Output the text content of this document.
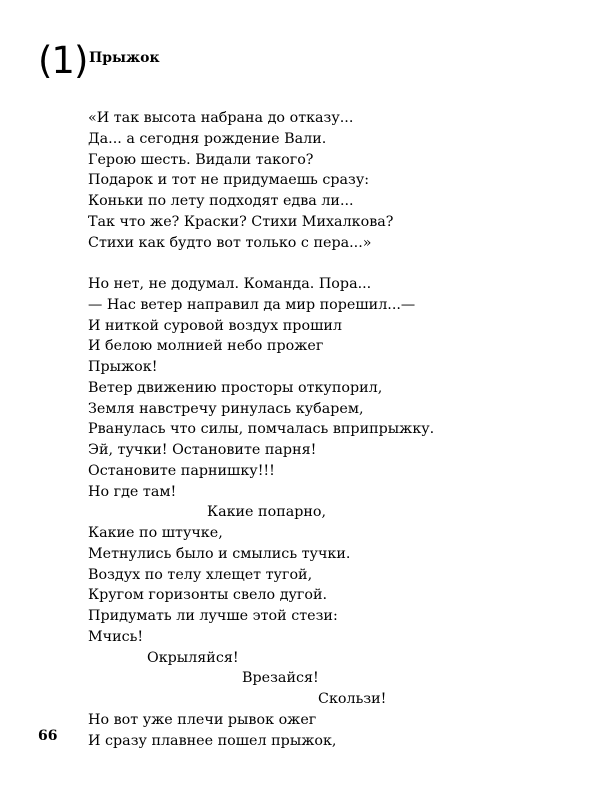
(1) Прыжок
«И так высота набрана до отказу...
Да... а сегодня рождение Вали.
Герою шесть. Видали такого?
Подарок и тот не придумаешь сразу:
Коньки по лету подходят едва ли...
Так что же? Краски? Стихи Михалкова?
Стихи как будто вот только с пера...»
Но нет, не додумал. Команда. Пора...
— Нас ветер направил да мир порешил...—
И ниткой суровой воздух прошил
И белою молнией небо прожег
Прыжок!
Ветер движению просторы откупорил,
Земля навстречу ринулась кубарем,
Рванулась что силы, помчалась вприпрыжку.
Эй, тучки! Остановите парня!
Остановите парнишку!!!
Но где там!
Какие попарно,
Какие по штучке,
Метнулись было и смылись тучки.
Воздух по телу хлещет тугой,
Кругом горизонты свело дугой.
Придумать ли лучше этой стези:
Мчись!
Окрыляйся!
Врезайся!
Скользи!
Но вот уже плечи рывок ожег
И сразу плавнее пошел прыжок,
66
